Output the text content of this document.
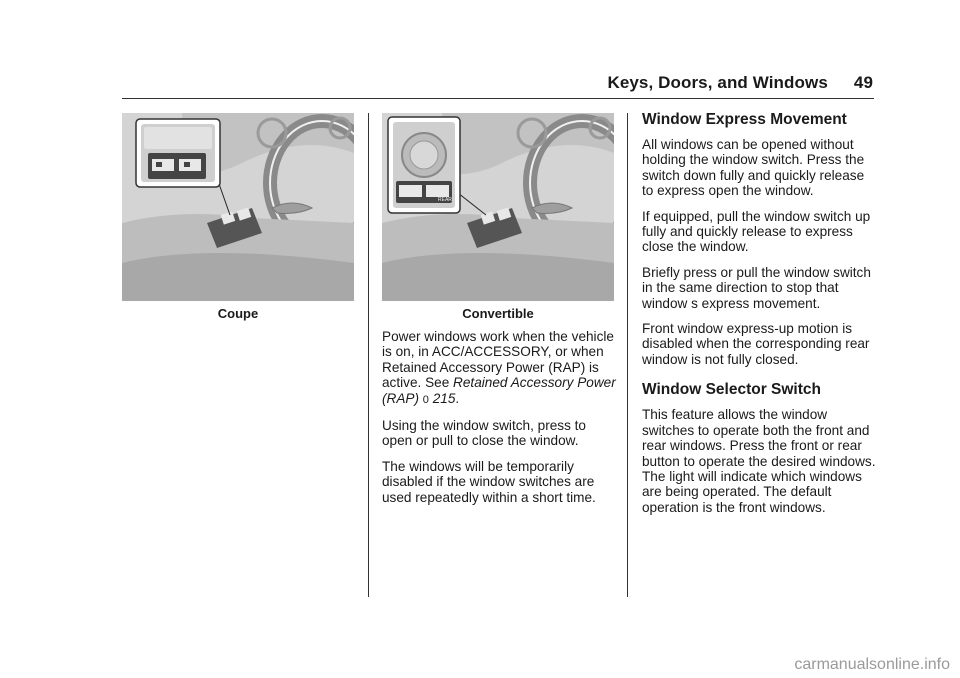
Keys, Doors, and Windows 49
Coupe
REAR
Convertible

Power windows work when the vehicle is on, in ACC/ACCESSORY, or when Retained Accessory Power (RAP) is active. See Retained Accessory Power (RAP) 0 215.

Using the window switch, press to open or pull to close the window.

The windows will be temporarily disabled if the window switches are used repeatedly within a short time.

Window Express Movement

All windows can be opened without holding the window switch. Press the switch down fully and quickly release to express open the window.

If equipped, pull the window switch up fully and quickly release to express close the window.

Briefly press or pull the window switch in the same direction to stop that window s express movement.

Front window express-up motion is disabled when the corresponding rear window is not fully closed.

Window Selector Switch

This feature allows the window switches to operate both the front and rear windows. Press the front or rear button to operate the desired windows. The light will indicate which windows are being operated. The default operation is the front windows.

carmanualsonline.info
